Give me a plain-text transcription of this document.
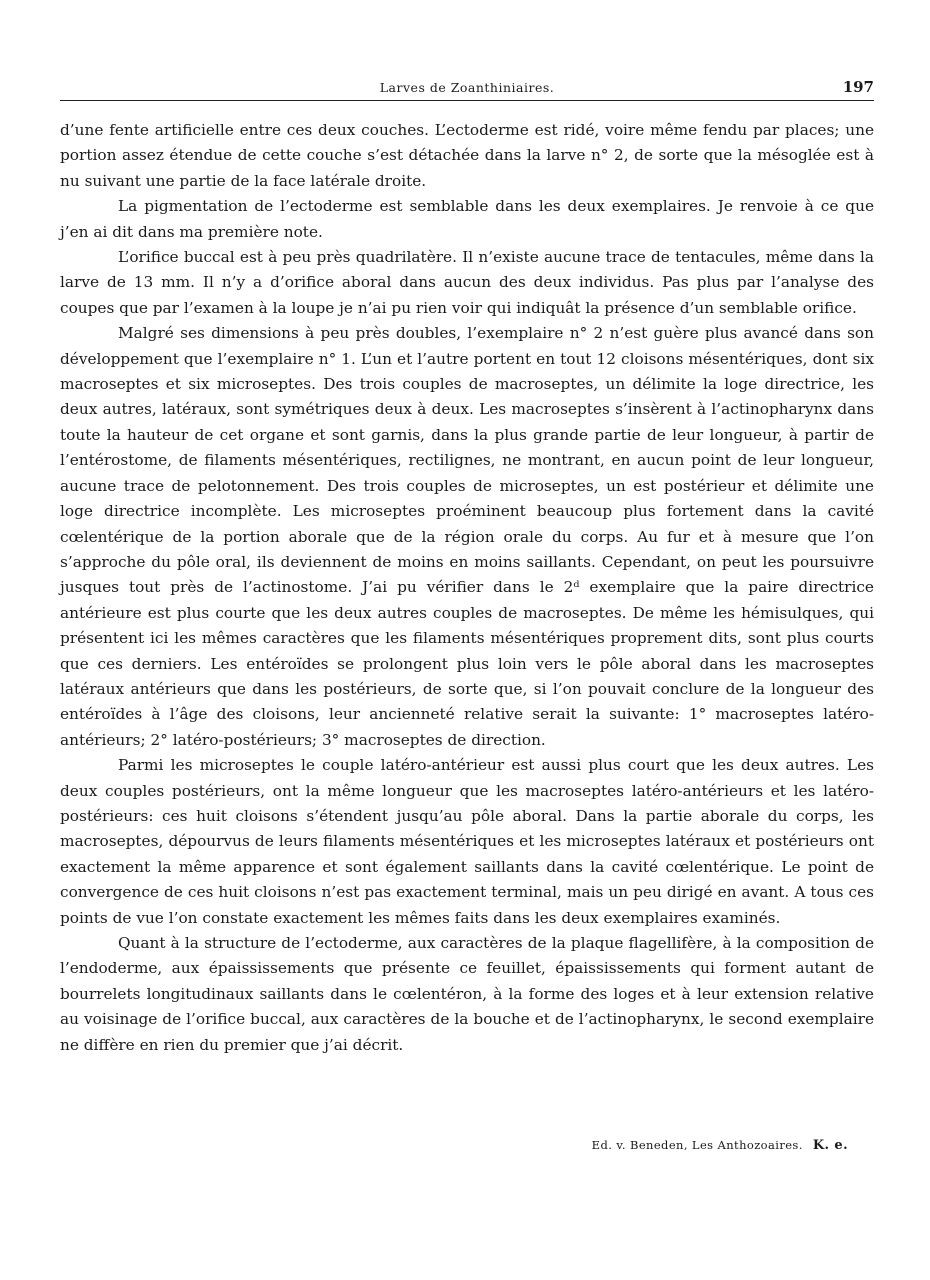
Larves de Zoanthiniaires.	197

d’une fente artificielle entre ces deux couches. L’ectoderme est ridé, voire même fendu par places; une portion assez étendue de cette couche s’est détachée dans la larve n° 2, de sorte que la mésoglée est à nu suivant une partie de la face latérale droite.

La pigmentation de l’ectoderme est semblable dans les deux exemplaires. Je renvoie à ce que j’en ai dit dans ma première note.

L’orifice buccal est à peu près quadrilatère. Il n’existe aucune trace de tentacules, même dans la larve de 13 mm. Il n’y a d’orifice aboral dans aucun des deux individus. Pas plus par l’analyse des coupes que par l’examen à la loupe je n’ai pu rien voir qui indiquât la présence d’un semblable orifice.

Malgré ses dimensions à peu près doubles, l’exemplaire n° 2 n’est guère plus avancé dans son développement que l’exemplaire n° 1. L’un et l’autre portent en tout 12 cloisons mésentériques, dont six macroseptes et six microseptes. Des trois couples de macroseptes, un délimite la loge directrice, les deux autres, latéraux, sont symétriques deux à deux. Les macroseptes s’insèrent à l’actinopharynx dans toute la hauteur de cet organe et sont garnis, dans la plus grande partie de leur longueur, à partir de l’entérostome, de filaments mésentériques, rectilignes, ne montrant, en aucun point de leur longueur, aucune trace de pelotonnement. Des trois couples de microseptes, un est postérieur et délimite une loge directrice incomplète. Les microseptes proéminent beaucoup plus fortement dans la cavité cœlentérique de la portion aborale que de la région orale du corps. Au fur et à mesure que l’on s’approche du pôle oral, ils deviennent de moins en moins saillants. Cependant, on peut les poursuivre jusques tout près de l’actinostome. J’ai pu vérifier dans le 2ᵈ exemplaire que la paire directrice antérieure est plus courte que les deux autres couples de macroseptes. De même les hémisulques, qui présentent ici les mêmes caractères que les filaments mésentériques proprement dits, sont plus courts que ces derniers. Les entéroïdes se prolongent plus loin vers le pôle aboral dans les macroseptes latéraux antérieurs que dans les postérieurs, de sorte que, si l’on pouvait conclure de la longueur des entéroïdes à l’âge des cloisons, leur ancienneté relative serait la suivante: 1° macroseptes latéro-antérieurs; 2° latéro-postérieurs; 3° macroseptes de direction.

Parmi les microseptes le couple latéro-antérieur est aussi plus court que les deux autres. Les deux couples postérieurs, ont la même longueur que les macroseptes latéro-antérieurs et les latéro-postérieurs: ces huit cloisons s’étendent jusqu’au pôle aboral. Dans la partie aborale du corps, les macroseptes, dépourvus de leurs filaments mésentériques et les microseptes latéraux et postérieurs ont exactement la même apparence et sont également saillants dans la cavité cœlentérique. Le point de convergence de ces huit cloisons n’est pas exactement terminal, mais un peu dirigé en avant. A tous ces points de vue l’on constate exactement les mêmes faits dans les deux exemplaires examinés.

Quant à la structure de l’ectoderme, aux caractères de la plaque flagellifère, à la composition de l’endoderme, aux épaississements que présente ce feuillet, épaississements qui forment autant de bourrelets longitudinaux saillants dans le cœlentéron, à la forme des loges et à leur extension relative au voisinage de l’orifice buccal, aux caractères de la bouche et de l’actinopharynx, le second exemplaire ne diffère en rien du premier que j’ai décrit.

Ed. v. Beneden, Les Anthozoaires. K. e.
